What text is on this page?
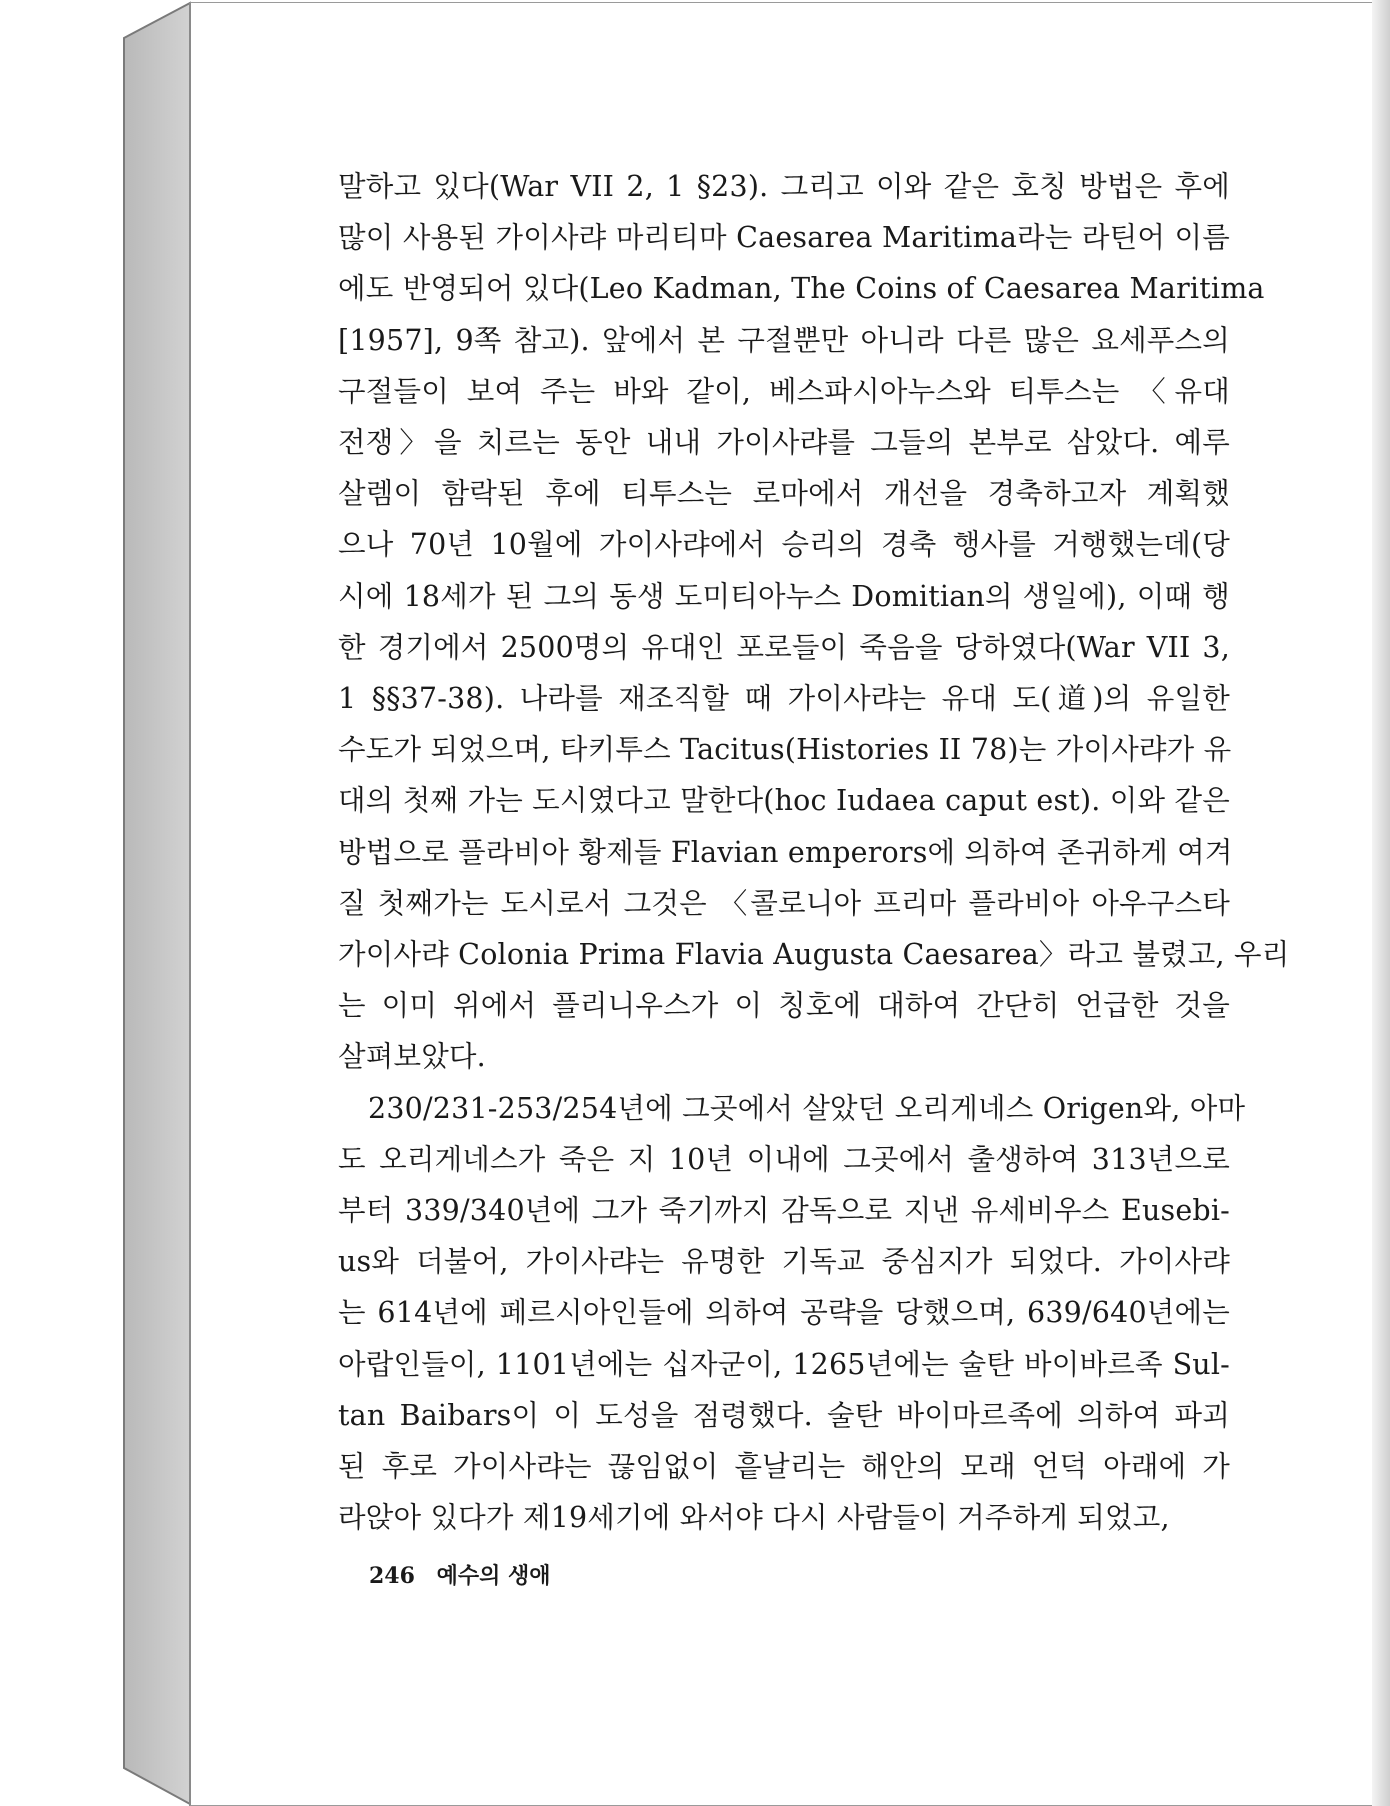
말하고 있다(War VII 2, 1 §23). 그리고 이와 같은 호칭 방법은 후에
많이 사용된 가이사랴 마리티마 Caesarea Maritima라는 라틴어 이름
에도 반영되어 있다(Leo Kadman, The Coins of Caesarea Maritima
[1957], 9쪽 참고). 앞에서 본 구절뿐만 아니라 다른 많은 요세푸스의
구절들이 보여 주는 바와 같이, 베스파시아누스와 티투스는 〈유대
전쟁〉을 치르는 동안 내내 가이사랴를 그들의 본부로 삼았다. 예루
살렘이 함락된 후에 티투스는 로마에서 개선을 경축하고자 계획했
으나 70년 10월에 가이사랴에서 승리의 경축 행사를 거행했는데(당
시에 18세가 된 그의 동생 도미티아누스 Domitian의 생일에), 이때 행
한 경기에서 2500명의 유대인 포로들이 죽음을 당하였다(War VII 3,
1 §§37-38). 나라를 재조직할 때 가이사랴는 유대 도(道)의 유일한
수도가 되었으며, 타키투스 Tacitus(Histories II 78)는 가이사랴가 유
대의 첫째 가는 도시였다고 말한다(hoc Iudaea caput est). 이와 같은
방법으로 플라비아 황제들 Flavian emperors에 의하여 존귀하게 여겨
질 첫째가는 도시로서 그것은 〈콜로니아 프리마 플라비아 아우구스타
가이사랴 Colonia Prima Flavia Augusta Caesarea〉라고 불렸고, 우리
는 이미 위에서 플리니우스가 이 칭호에 대하여 간단히 언급한 것을
살펴보았다.

230/231-253/254년에 그곳에서 살았던 오리게네스 Origen와, 아마
도 오리게네스가 죽은 지 10년 이내에 그곳에서 출생하여 313년으로
부터 339/340년에 그가 죽기까지 감독으로 지낸 유세비우스 Eusebi-
us와 더불어, 가이사랴는 유명한 기독교 중심지가 되었다. 가이사랴
는 614년에 페르시아인들에 의하여 공략을 당했으며, 639/640년에는
아랍인들이, 1101년에는 십자군이, 1265년에는 술탄 바이바르족 Sul-
tan Baibars이 이 도성을 점령했다. 술탄 바이마르족에 의하여 파괴
된 후로 가이사랴는 끊임없이 흩날리는 해안의 모래 언덕 아래에 가
라앉아 있다가 제19세기에 와서야 다시 사람들이 거주하게 되었고,

246 예수의 생애
